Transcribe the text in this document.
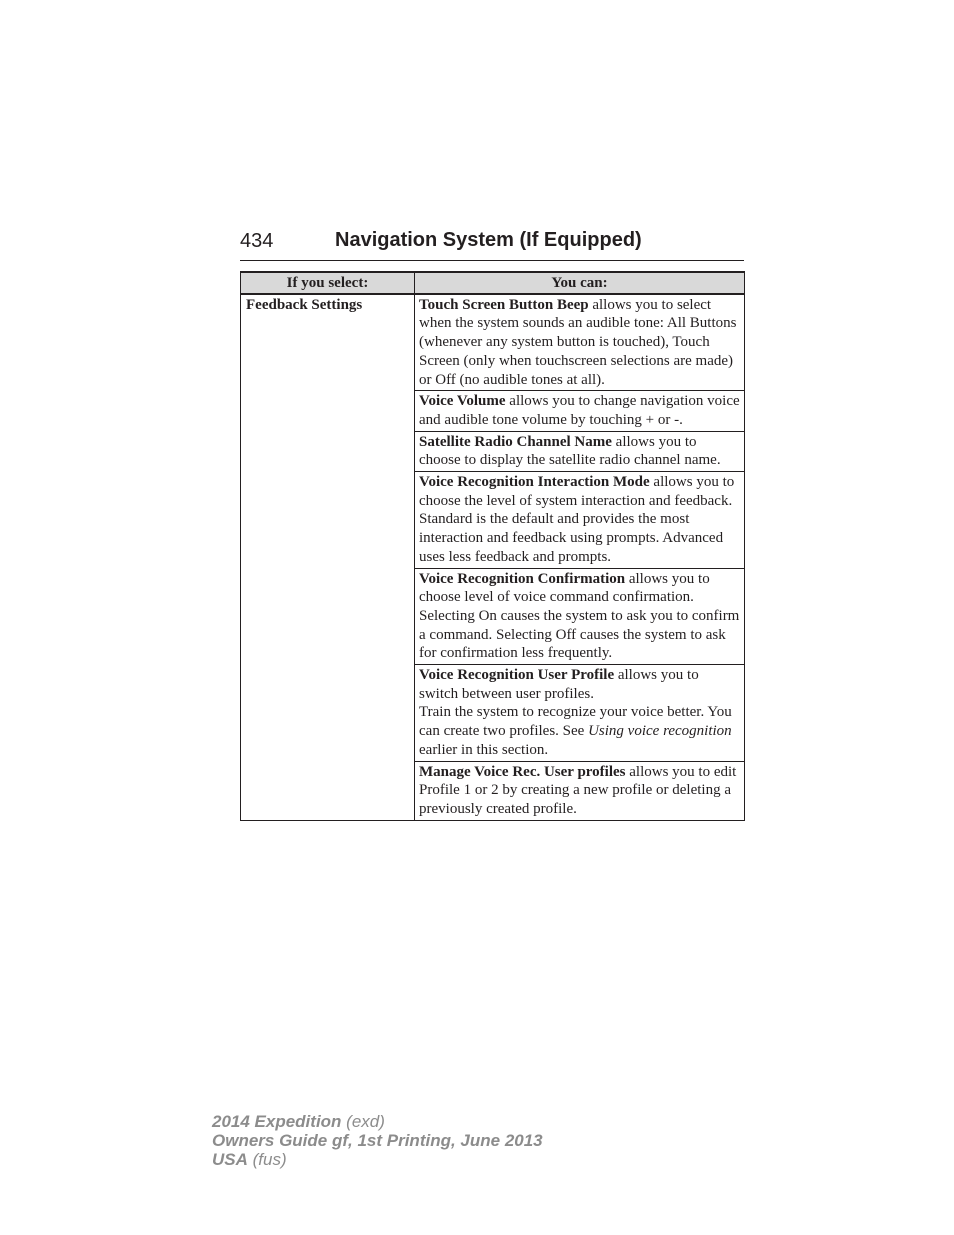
434	Navigation System (If Equipped)
If you select:	You can:
Feedback Settings	Touch Screen Button Beep allows you to select when the system sounds an audible tone: All Buttons (whenever any system button is touched), Touch Screen (only when touchscreen selections are made) or Off (no audible tones at all).
	Voice Volume allows you to change navigation voice and audible tone volume by touching + or -.
	Satellite Radio Channel Name allows you to choose to display the satellite radio channel name.
	Voice Recognition Interaction Mode allows you to choose the level of system interaction and feedback. Standard is the default and provides the most interaction and feedback using prompts. Advanced uses less feedback and prompts.
	Voice Recognition Confirmation allows you to choose level of voice command confirmation. Selecting On causes the system to ask you to confirm a command. Selecting Off causes the system to ask for confirmation less frequently.
	Voice Recognition User Profile allows you to switch between user profiles.
Train the system to recognize your voice better. You can create two profiles. See Using voice recognition earlier in this section.
	Manage Voice Rec. User profiles allows you to edit Profile 1 or 2 by creating a new profile or deleting a previously created profile.
2014 Expedition (exd)
Owners Guide gf, 1st Printing, June 2013
USA (fus)
